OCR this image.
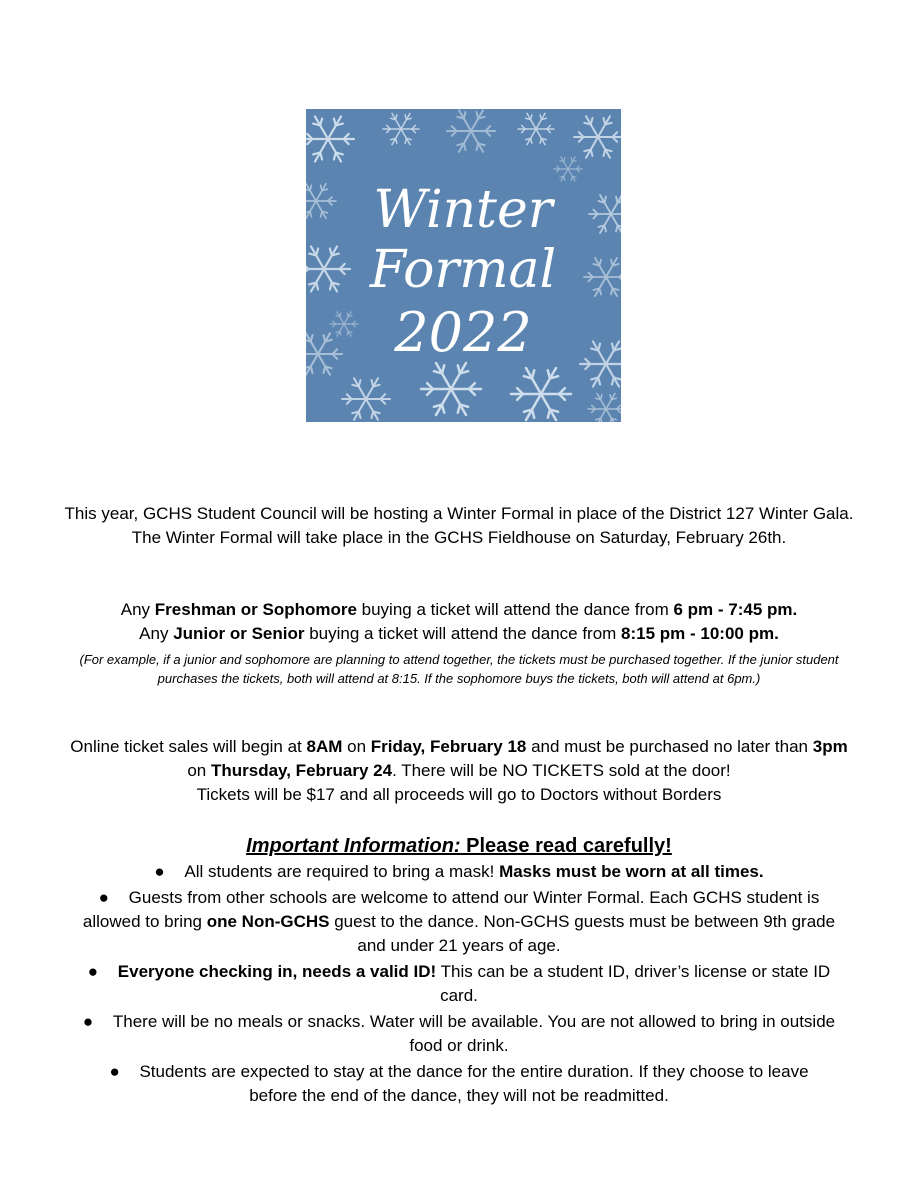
Winter
Formal
2022

This year, GCHS Student Council will be hosting a Winter Formal in place of the District 127 Winter Gala. The Winter Formal will take place in the GCHS Fieldhouse on Saturday, February 26th.

Any Freshman or Sophomore buying a ticket will attend the dance from 6 pm - 7:45 pm.

Any Junior or Senior buying a ticket will attend the dance from 8:15 pm - 10:00 pm.

(For example, if a junior and sophomore are planning to attend together, the tickets must be purchased together. If the junior student purchases the tickets, both will attend at 8:15. If the sophomore buys the tickets, both will attend at 6pm.)

Online ticket sales will begin at 8AM on Friday, February 18 and must be purchased no later than 3pm on Thursday, February 24. There will be NO TICKETS sold at the door!

Tickets will be $17 and all proceeds will go to Doctors without Borders

Important Information: Please read carefully!
● All students are required to bring a mask! Masks must be worn at all times.
● Guests from other schools are welcome to attend our Winter Formal. Each GCHS student is allowed to bring one Non-GCHS guest to the dance. Non-GCHS guests must be between 9th grade and under 21 years of age.
● Everyone checking in, needs a valid ID! This can be a student ID, driver’s license or state ID card.
● There will be no meals or snacks. Water will be available. You are not allowed to bring in outside food or drink.
● Students are expected to stay at the dance for the entire duration. If they choose to leave before the end of the dance, they will not be readmitted.
